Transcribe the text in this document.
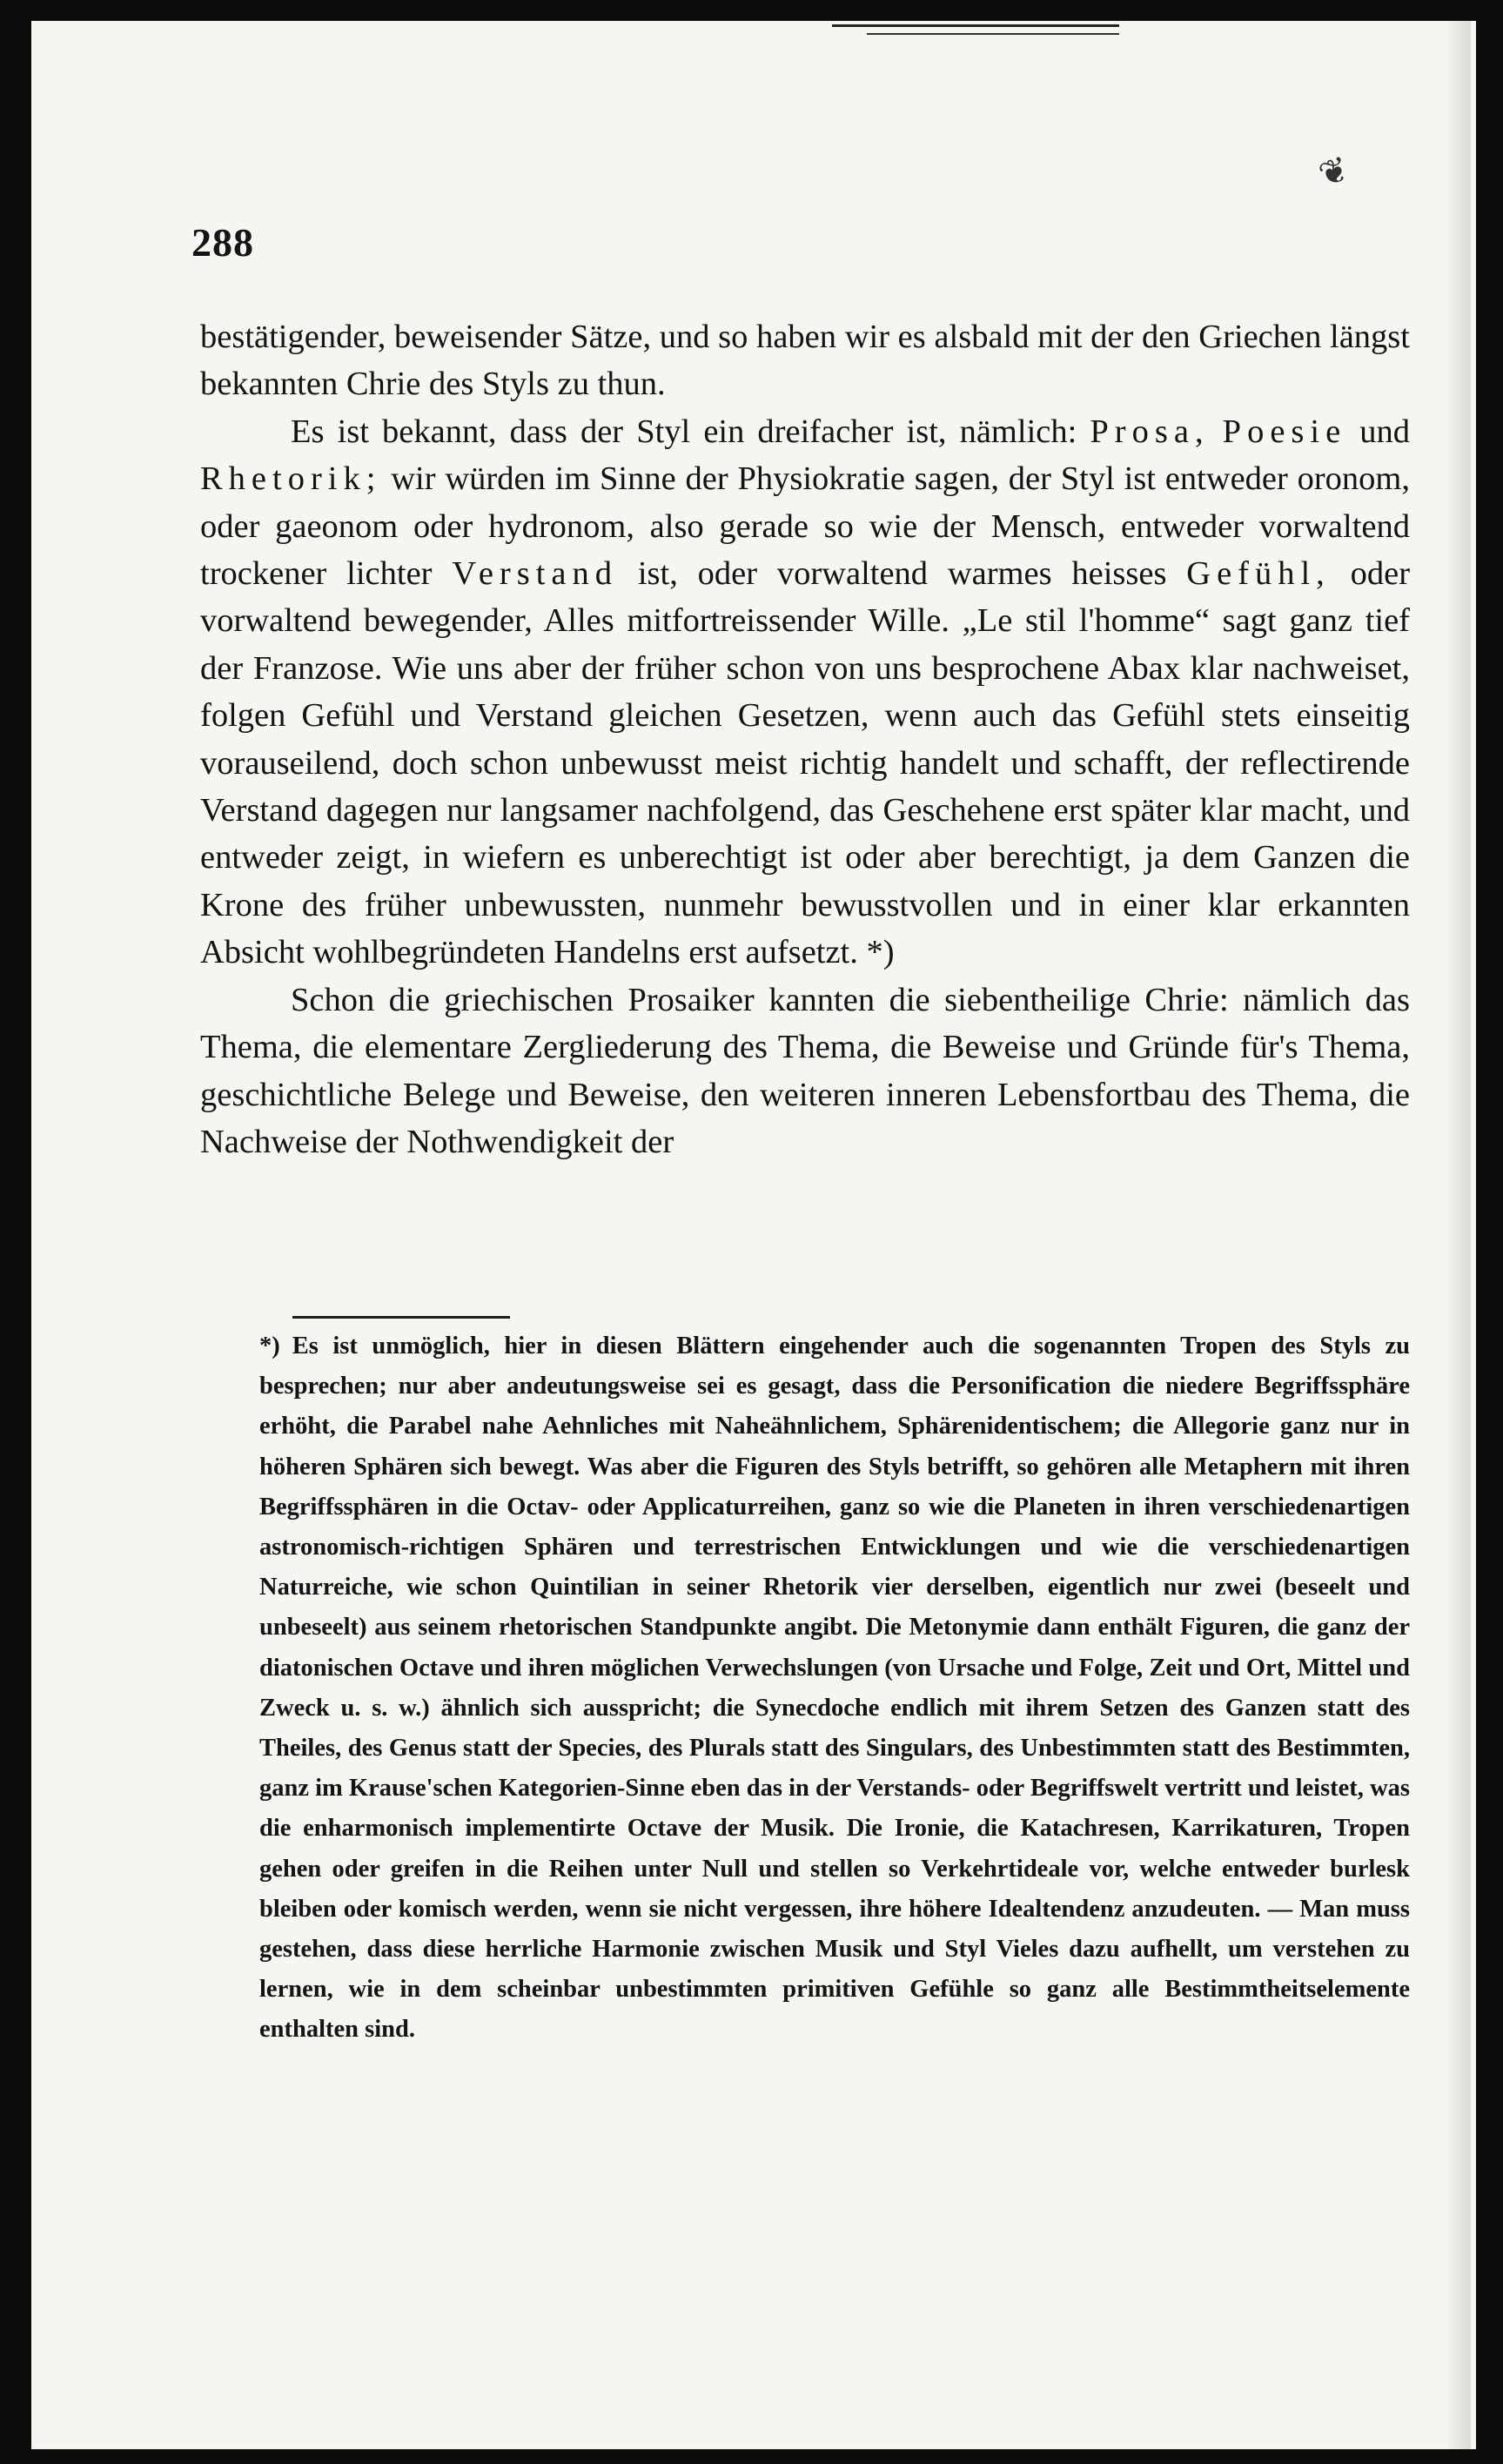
❦
288

bestätigender, beweisender Sätze, und so haben wir es alsbald mit der den Griechen längst bekannten Chrie des Styls zu thun.

Es ist bekannt, dass der Styl ein dreifacher ist, nämlich: Prosa, Poesie und Rhetorik; wir würden im Sinne der Physiokratie sagen, der Styl ist entweder oronom, oder gaeonom oder hydronom, also gerade so wie der Mensch, entweder vorwaltend trockener lichter Verstand ist, oder vorwaltend warmes heisses Gefühl, oder vorwaltend bewegender, Alles mitfortreissender Wille. „Le stil l'homme“ sagt ganz tief der Franzose. Wie uns aber der früher schon von uns besprochene Abax klar nachweiset, folgen Gefühl und Verstand gleichen Gesetzen, wenn auch das Gefühl stets einseitig vorauseilend, doch schon unbewusst meist richtig handelt und schafft, der reflectirende Verstand dagegen nur langsamer nachfolgend, das Geschehene erst später klar macht, und entweder zeigt, in wiefern es unberechtigt ist oder aber berechtigt, ja dem Ganzen die Krone des früher unbewussten, nunmehr bewusstvollen und in einer klar erkannten Absicht wohlbegründeten Handelns erst aufsetzt. *)

Schon die griechischen Prosaiker kannten die siebentheilige Chrie: nämlich das Thema, die elementare Zergliederung des Thema, die Beweise und Gründe für's Thema, geschichtliche Belege und Beweise, den weiteren inneren Lebensfortbau des Thema, die Nachweise der Nothwendigkeit der

*) Es ist unmöglich, hier in diesen Blättern eingehender auch die sogenannten Tropen des Styls zu besprechen; nur aber andeutungsweise sei es gesagt, dass die Personification die niedere Begriffssphäre erhöht, die Parabel nahe Aehnliches mit Naheähnlichem, Sphärenidentischem; die Allegorie ganz nur in höheren Sphären sich bewegt. Was aber die Figuren des Styls betrifft, so gehören alle Metaphern mit ihren Begriffssphären in die Octav- oder Applicaturreihen, ganz so wie die Planeten in ihren verschiedenartigen astronomisch-richtigen Sphären und terrestrischen Entwicklungen und wie die verschiedenartigen Naturreiche, wie schon Quintilian in seiner Rhetorik vier derselben, eigentlich nur zwei (beseelt und unbeseelt) aus seinem rhetorischen Standpunkte angibt. Die Metonymie dann enthält Figuren, die ganz der diatonischen Octave und ihren möglichen Verwechslungen (von Ursache und Folge, Zeit und Ort, Mittel und Zweck u. s. w.) ähnlich sich ausspricht; die Synecdoche endlich mit ihrem Setzen des Ganzen statt des Theiles, des Genus statt der Species, des Plurals statt des Singulars, des Unbestimmten statt des Bestimmten, ganz im Krause'schen Kategorien-Sinne eben das in der Verstands- oder Begriffswelt vertritt und leistet, was die enharmonisch implementirte Octave der Musik. Die Ironie, die Katachresen, Karrikaturen, Tropen gehen oder greifen in die Reihen unter Null und stellen so Verkehrtideale vor, welche entweder burlesk bleiben oder komisch werden, wenn sie nicht vergessen, ihre höhere Idealtendenz anzudeuten. — Man muss gestehen, dass diese herrliche Harmonie zwischen Musik und Styl Vieles dazu aufhellt, um verstehen zu lernen, wie in dem scheinbar unbestimmten primitiven Gefühle so ganz alle Bestimmtheitselemente enthalten sind.
